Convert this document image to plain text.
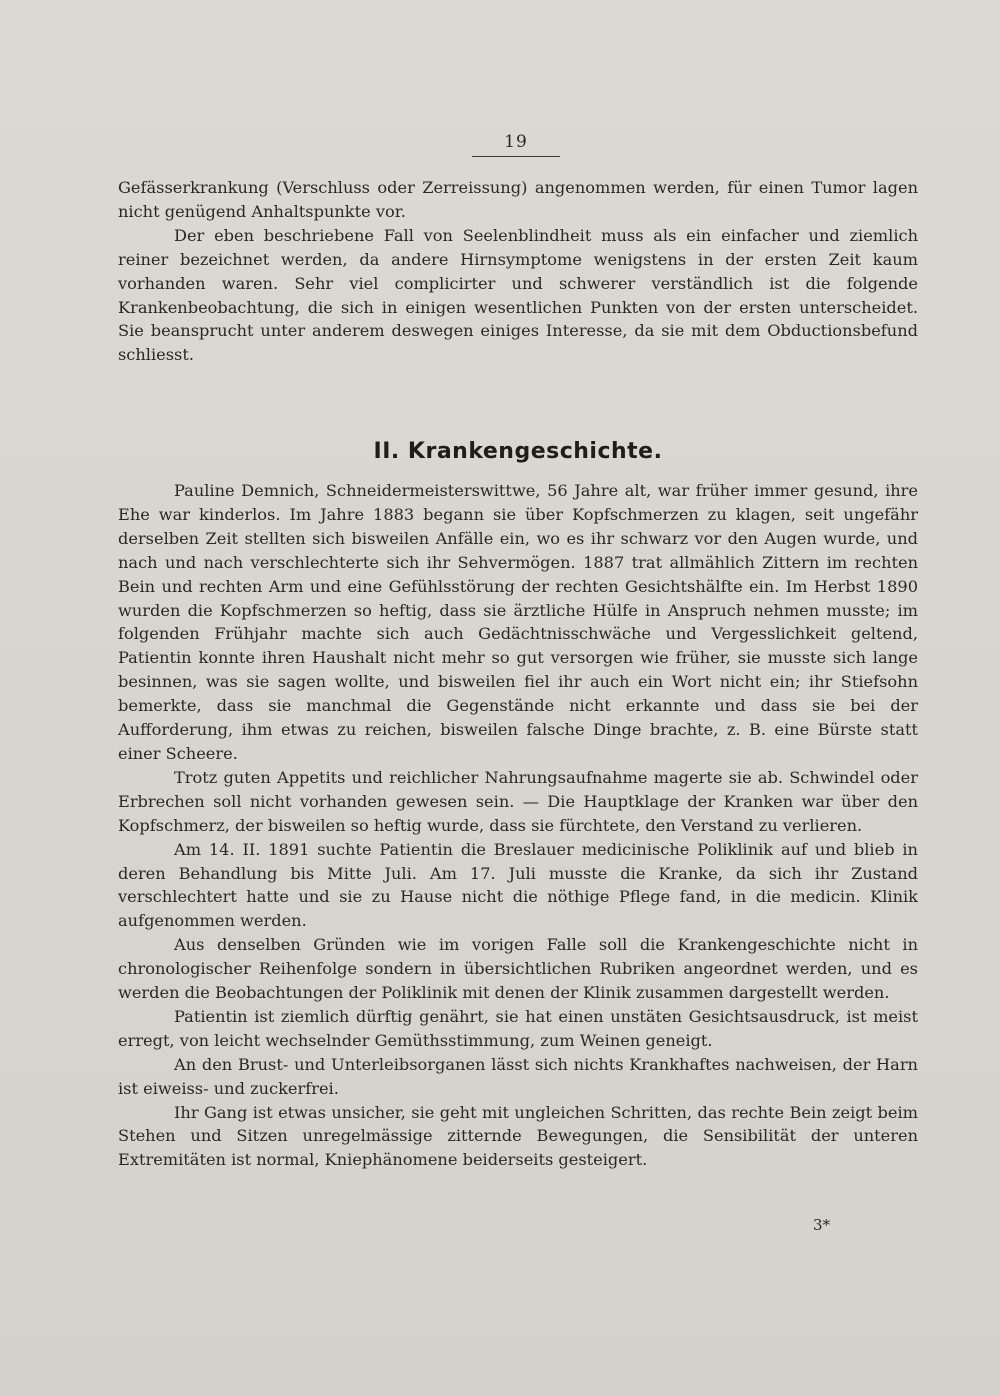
19

Gefässerkrankung (Verschluss oder Zerreissung) angenommen werden, für einen Tumor lagen nicht genügend Anhaltspunkte vor.

Der eben beschriebene Fall von Seelenblindheit muss als ein einfacher und ziemlich reiner bezeichnet werden, da andere Hirnsymptome wenigstens in der ersten Zeit kaum vorhanden waren. Sehr viel complicirter und schwerer verständlich ist die folgende Krankenbeobachtung, die sich in einigen wesentlichen Punkten von der ersten unterscheidet. Sie beansprucht unter anderem deswegen einiges Interesse, da sie mit dem Obductionsbefund schliesst.

II. Krankengeschichte.

Pauline Demnich, Schneidermeisterswittwe, 56 Jahre alt, war früher immer gesund, ihre Ehe war kinderlos. Im Jahre 1883 begann sie über Kopfschmerzen zu klagen, seit ungefähr derselben Zeit stellten sich bisweilen Anfälle ein, wo es ihr schwarz vor den Augen wurde, und nach und nach verschlechterte sich ihr Sehvermögen. 1887 trat allmählich Zittern im rechten Bein und rechten Arm und eine Gefühlsstörung der rechten Gesichtshälfte ein. Im Herbst 1890 wurden die Kopfschmerzen so heftig, dass sie ärztliche Hülfe in Anspruch nehmen musste; im folgenden Frühjahr machte sich auch Gedächtnisschwäche und Vergesslichkeit geltend, Patientin konnte ihren Haushalt nicht mehr so gut versorgen wie früher, sie musste sich lange besinnen, was sie sagen wollte, und bisweilen fiel ihr auch ein Wort nicht ein; ihr Stiefsohn bemerkte, dass sie manchmal die Gegenstände nicht erkannte und dass sie bei der Aufforderung, ihm etwas zu reichen, bisweilen falsche Dinge brachte, z. B. eine Bürste statt einer Scheere.

Trotz guten Appetits und reichlicher Nahrungsaufnahme magerte sie ab. Schwindel oder Erbrechen soll nicht vorhanden gewesen sein. — Die Hauptklage der Kranken war über den Kopfschmerz, der bisweilen so heftig wurde, dass sie fürchtete, den Verstand zu verlieren.

Am 14. II. 1891 suchte Patientin die Breslauer medicinische Poliklinik auf und blieb in deren Behandlung bis Mitte Juli. Am 17. Juli musste die Kranke, da sich ihr Zustand verschlechtert hatte und sie zu Hause nicht die nöthige Pflege fand, in die medicin. Klinik aufgenommen werden.

Aus denselben Gründen wie im vorigen Falle soll die Krankengeschichte nicht in chronologischer Reihenfolge sondern in übersichtlichen Rubriken angeordnet werden, und es werden die Beobachtungen der Poliklinik mit denen der Klinik zusammen dargestellt werden.

Patientin ist ziemlich dürftig genährt, sie hat einen unstäten Gesichtsausdruck, ist meist erregt, von leicht wechselnder Gemüthsstimmung, zum Weinen geneigt.

An den Brust- und Unterleibsorganen lässt sich nichts Krankhaftes nachweisen, der Harn ist eiweiss- und zuckerfrei.

Ihr Gang ist etwas unsicher, sie geht mit ungleichen Schritten, das rechte Bein zeigt beim Stehen und Sitzen unregelmässige zitternde Bewegungen, die Sensibilität der unteren Extremitäten ist normal, Kniephänomene beiderseits gesteigert.

3*
